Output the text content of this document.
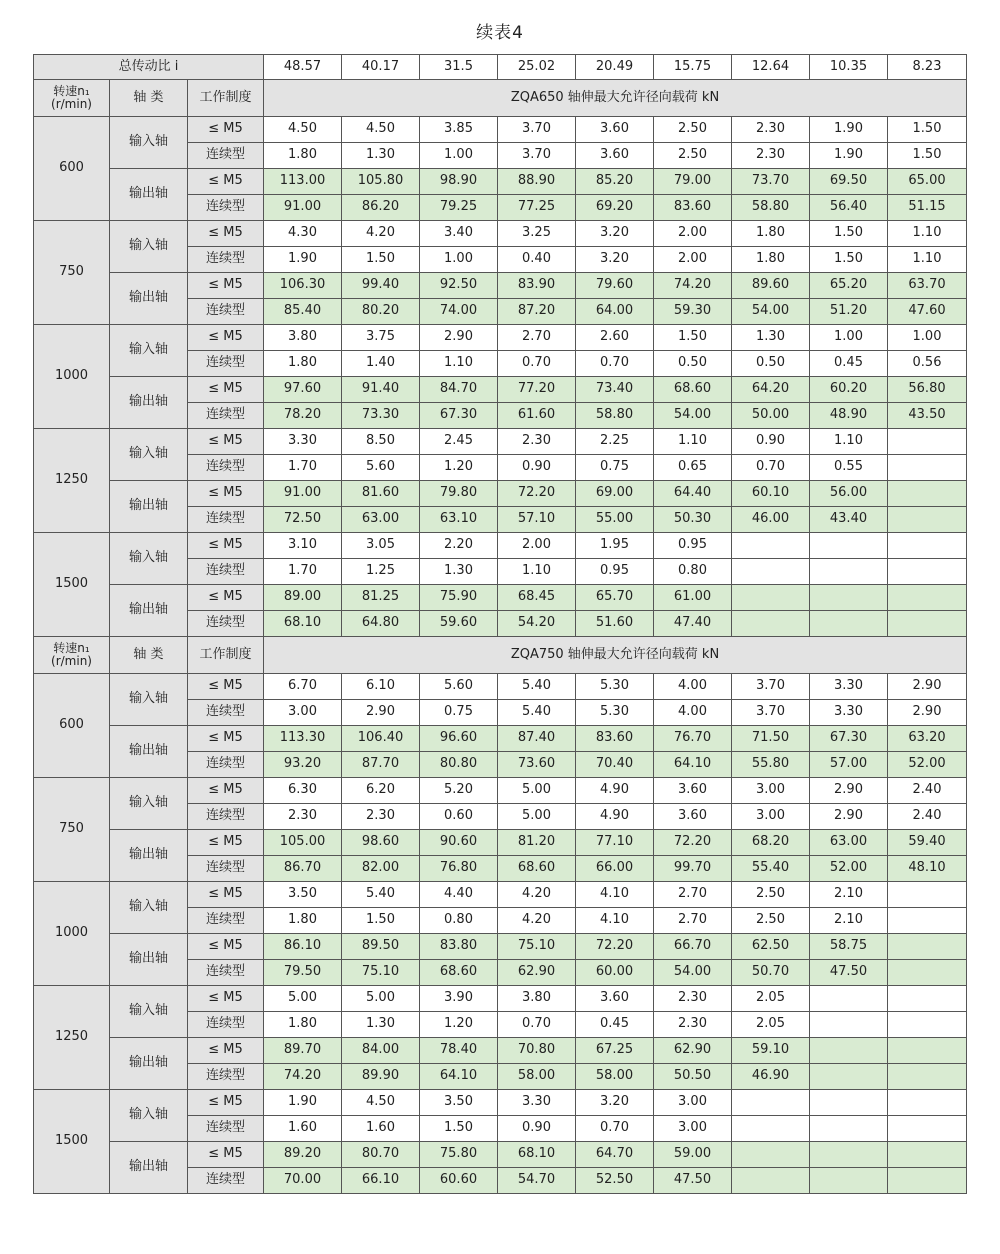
续表4
总传动比 i			48.57	40.17	31.5	25.02	20.49	15.75	12.64	10.35	8.23
转速n₁
(r/min)	轴 类	工作制度	ZQA650 轴伸最大允许径向载荷 kN								
600	输入轴	≤ M5	4.50	4.50	3.85	3.70	3.60	2.50	2.30	1.90	1.50
		连续型	1.80	1.30	1.00	3.70	3.60	2.50	2.30	1.90	1.50
	输出轴	≤ M5	113.00	105.80	98.90	88.90	85.20	79.00	73.70	69.50	65.00
		连续型	91.00	86.20	79.25	77.25	69.20	83.60	58.80	56.40	51.15
750	输入轴	≤ M5	4.30	4.20	3.40	3.25	3.20	2.00	1.80	1.50	1.10
		连续型	1.90	1.50	1.00	0.40	3.20	2.00	1.80	1.50	1.10
	输出轴	≤ M5	106.30	99.40	92.50	83.90	79.60	74.20	89.60	65.20	63.70
		连续型	85.40	80.20	74.00	87.20	64.00	59.30	54.00	51.20	47.60
1000	输入轴	≤ M5	3.80	3.75	2.90	2.70	2.60	1.50	1.30	1.00	1.00
		连续型	1.80	1.40	1.10	0.70	0.70	0.50	0.50	0.45	0.56
	输出轴	≤ M5	97.60	91.40	84.70	77.20	73.40	68.60	64.20	60.20	56.80
		连续型	78.20	73.30	67.30	61.60	58.80	54.00	50.00	48.90	43.50
1250	输入轴	≤ M5	3.30	8.50	2.45	2.30	2.25	1.10	0.90	1.10	
		连续型	1.70	5.60	1.20	0.90	0.75	0.65	0.70	0.55	
	输出轴	≤ M5	91.00	81.60	79.80	72.20	69.00	64.40	60.10	56.00	
		连续型	72.50	63.00	63.10	57.10	55.00	50.30	46.00	43.40	
1500	输入轴	≤ M5	3.10	3.05	2.20	2.00	1.95	0.95			
		连续型	1.70	1.25	1.30	1.10	0.95	0.80			
	输出轴	≤ M5	89.00	81.25	75.90	68.45	65.70	61.00			
		连续型	68.10	64.80	59.60	54.20	51.60	47.40			
转速n₁
(r/min)	轴 类	工作制度	ZQA750 轴伸最大允许径向载荷 kN								
600	输入轴	≤ M5	6.70	6.10	5.60	5.40	5.30	4.00	3.70	3.30	2.90
		连续型	3.00	2.90	0.75	5.40	5.30	4.00	3.70	3.30	2.90
	输出轴	≤ M5	113.30	106.40	96.60	87.40	83.60	76.70	71.50	67.30	63.20
		连续型	93.20	87.70	80.80	73.60	70.40	64.10	55.80	57.00	52.00
750	输入轴	≤ M5	6.30	6.20	5.20	5.00	4.90	3.60	3.00	2.90	2.40
		连续型	2.30	2.30	0.60	5.00	4.90	3.60	3.00	2.90	2.40
	输出轴	≤ M5	105.00	98.60	90.60	81.20	77.10	72.20	68.20	63.00	59.40
		连续型	86.70	82.00	76.80	68.60	66.00	99.70	55.40	52.00	48.10
1000	输入轴	≤ M5	3.50	5.40	4.40	4.20	4.10	2.70	2.50	2.10	
		连续型	1.80	1.50	0.80	4.20	4.10	2.70	2.50	2.10	
	输出轴	≤ M5	86.10	89.50	83.80	75.10	72.20	66.70	62.50	58.75	
		连续型	79.50	75.10	68.60	62.90	60.00	54.00	50.70	47.50	
1250	输入轴	≤ M5	5.00	5.00	3.90	3.80	3.60	2.30	2.05		
		连续型	1.80	1.30	1.20	0.70	0.45	2.30	2.05		
	输出轴	≤ M5	89.70	84.00	78.40	70.80	67.25	62.90	59.10		
		连续型	74.20	89.90	64.10	58.00	58.00	50.50	46.90		
1500	输入轴	≤ M5	1.90	4.50	3.50	3.30	3.20	3.00			
		连续型	1.60	1.60	1.50	0.90	0.70	3.00			
	输出轴	≤ M5	89.20	80.70	75.80	68.10	64.70	59.00			
		连续型	70.00	66.10	60.60	54.70	52.50	47.50			
